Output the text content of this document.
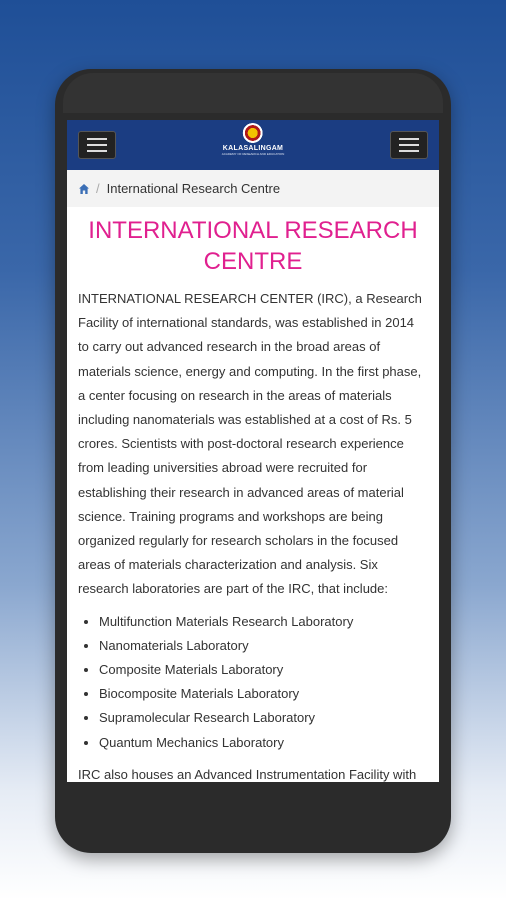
KALASALINGAM
ACADEMY OF RESEARCH AND EDUCATION
/ International Research Centre
INTERNATIONAL RESEARCH CENTRE

INTERNATIONAL RESEARCH CENTER (IRC), a Research Facility of international standards, was established in 2014 to carry out advanced research in the broad areas of materials science, energy and computing. In the first phase, a center focusing on research in the areas of materials including nanomaterials was established at a cost of Rs. 5 crores. Scientists with post-doctoral research experience from leading universities abroad were recruited for establishing their research in advanced areas of material science. Training programs and workshops are being organized regularly for research scholars in the focused areas of materials characterization and analysis. Six research laboratories are part of the IRC, that include:

• Multifunction Materials Research Laboratory
• Nanomaterials Laboratory
• Composite Materials Laboratory
• Biocomposite Materials Laboratory
• Supramolecular Research Laboratory
• Quantum Mechanics Laboratory

IRC also houses an Advanced Instrumentation Facility with
